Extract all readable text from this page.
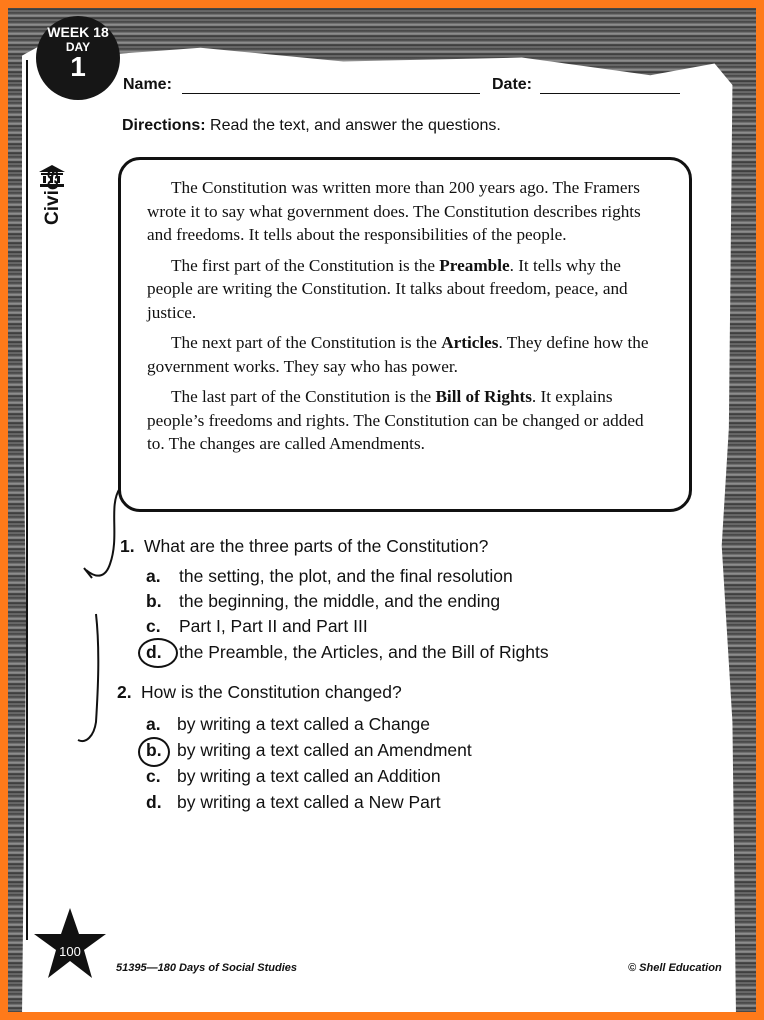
WEEK 18
DAY
1
Civics
Name:	Date:
Directions: Read the text, and answer the questions.

The Constitution was written more than 200 years ago. The Framers wrote it to say what government does. The Constitution describes rights and freedoms. It tells about the responsibilities of the people.

The first part of the Constitution is the Preamble. It tells why the people are writing the Constitution. It talks about freedom, peace, and justice.

The next part of the Constitution is the Articles. They define how the government works. They say who has power.

The last part of the Constitution is the Bill of Rights. It explains people’s freedoms and rights. The Constitution can be changed or added to. The changes are called Amendments.

1. What are the three parts of the Constitution?
a. the setting, the plot, and the final resolution
b. the beginning, the middle, and the ending
c. Part I, Part II and Part III
d. the Preamble, the Articles, and the Bill of Rights
2. How is the Constitution changed?
a. by writing a text called a Change
b. by writing a text called an Amendment
c. by writing a text called an Addition
d. by writing a text called a New Part
100
51395—180 Days of Social Studies	© Shell Education
